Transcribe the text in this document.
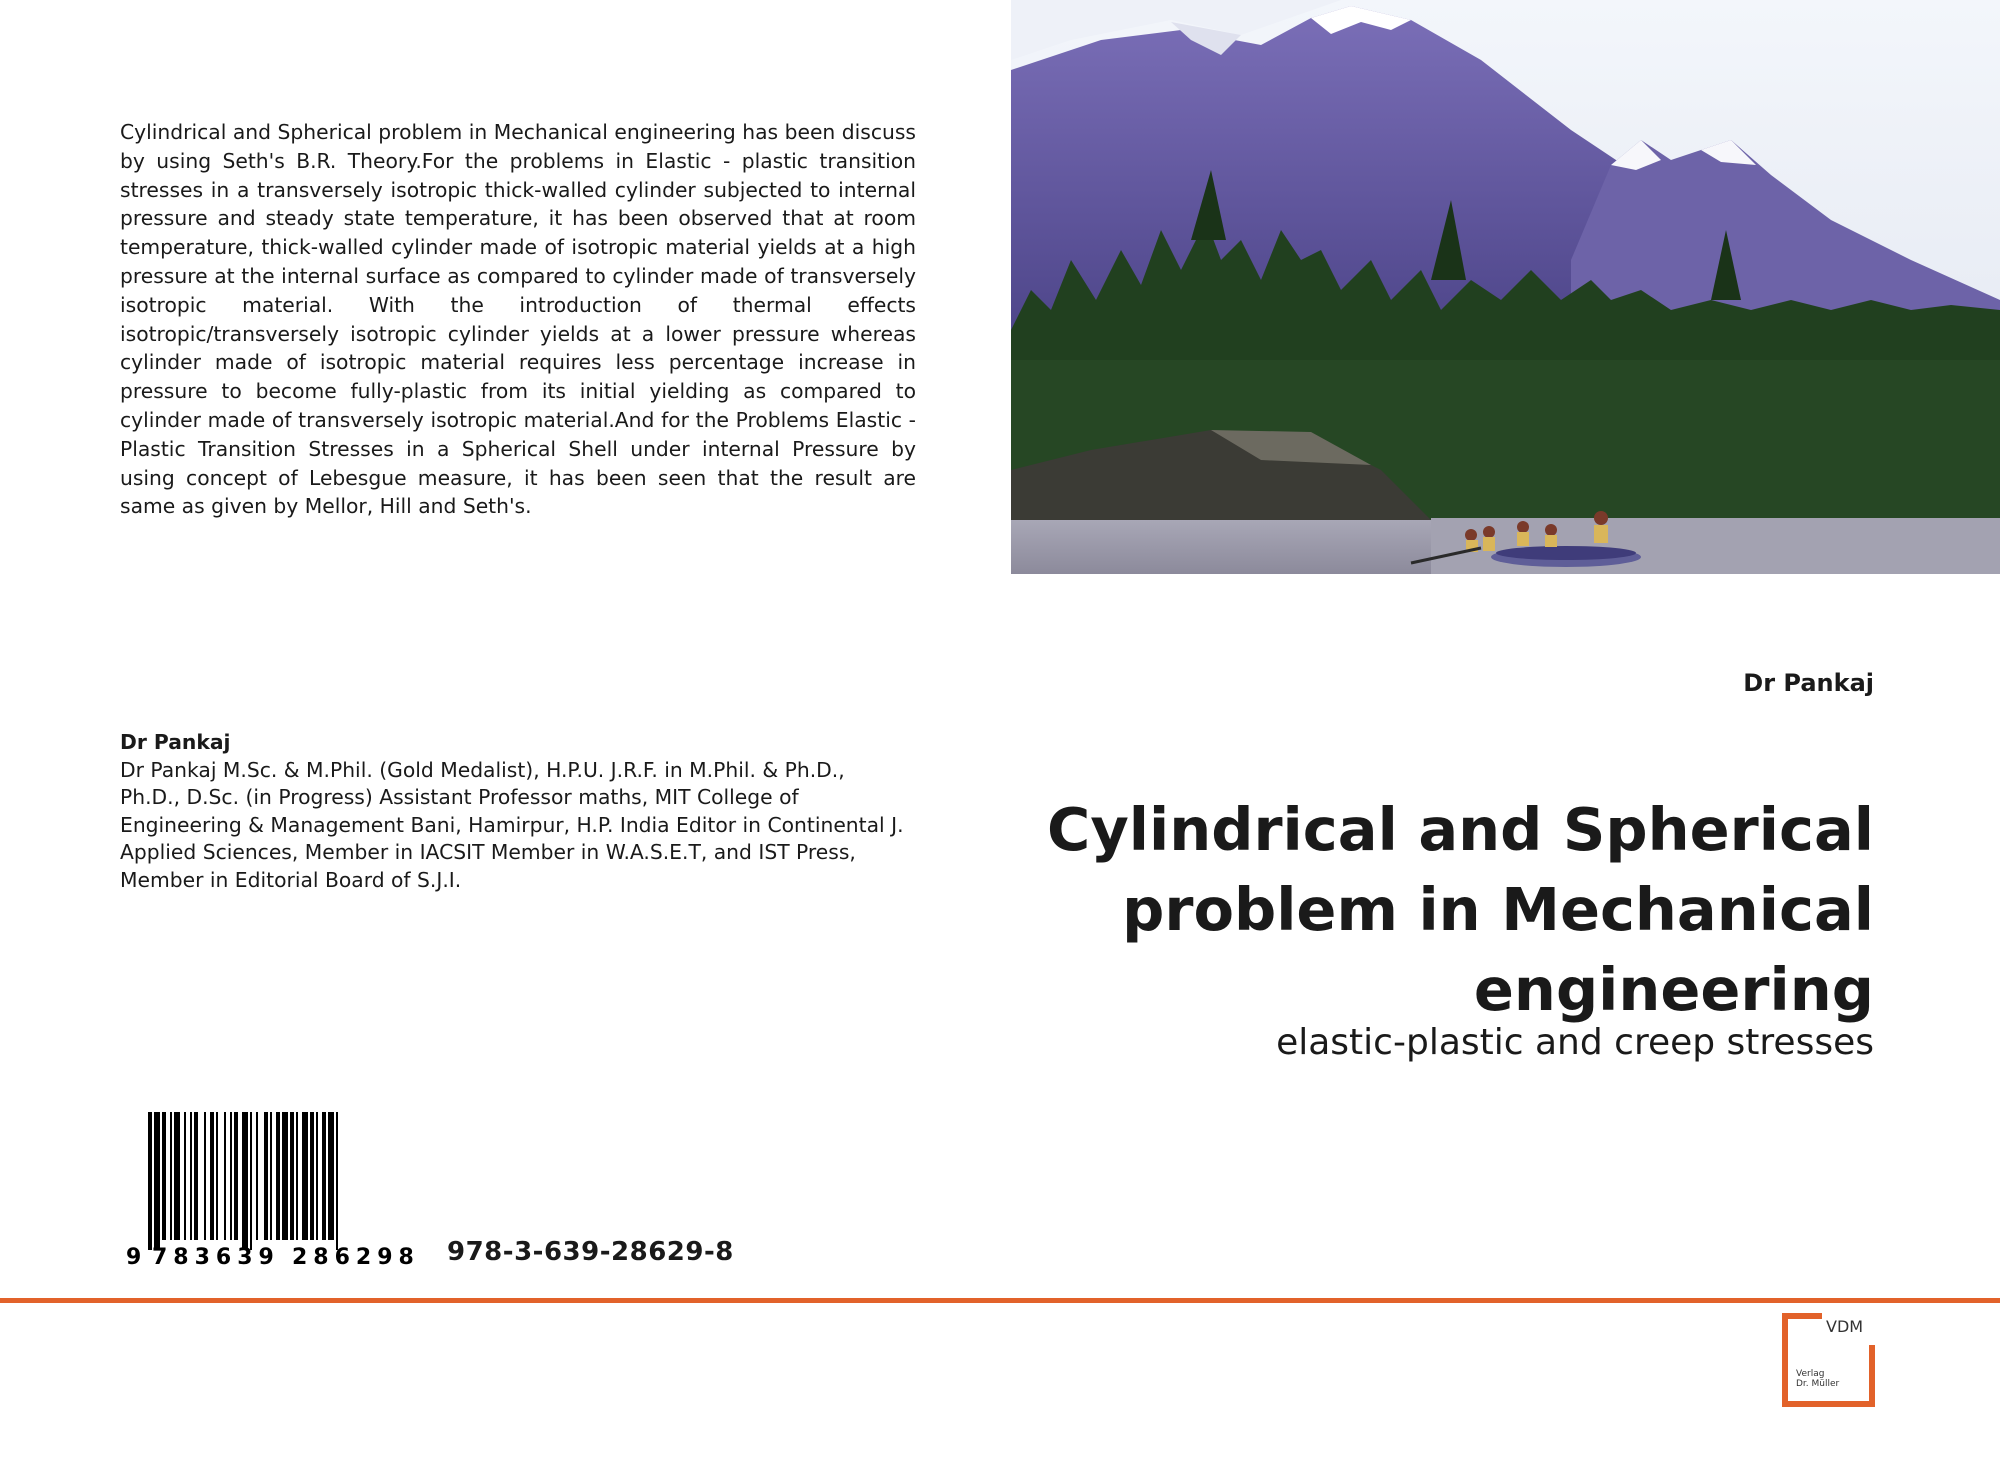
Cylindrical and Spherical problem in Mechanical engineering has been discuss by using Seth's B.R. Theory.For the problems in Elastic - plastic transition stresses in a transversely isotropic thick-walled cylinder subjected to internal pressure and steady state temperature, it has been observed that at room temperature, thick-walled cylinder made of isotropic material yields at a high pressure at the internal surface as compared to cylinder made of transversely isotropic material. With the introduction of thermal effects isotropic/transversely isotropic cylinder yields at a lower pressure whereas cylinder made of isotropic material requires less percentage increase in pressure to become fully-plastic from its initial yielding as compared to cylinder made of transversely isotropic material.And for the Problems Elastic - Plastic Transition Stresses in a Spherical Shell under internal Pressure by using concept of Lebesgue measure, it has been seen that the result are same as given by Mellor, Hill and Seth's.

Dr Pankaj
Dr Pankaj M.Sc. & M.Phil. (Gold Medalist), H.P.U. J.R.F. in M.Phil. & Ph.D.,
Ph.D., D.Sc. (in Progress) Assistant Professor maths, MIT College of
Engineering & Management Bani, Hamirpur, H.P. India Editor in Continental J.
Applied Sciences, Member in IACSIT Member in W.A.S.E.T, and IST Press,
Member in Editorial Board of S.J.I.
9 783639 286298 978-3-639-28629-8
Dr Pankaj
Cylindrical and Spherical
problem in Mechanical
engineering
elastic-plastic and creep stresses
VDM
Verlag
Dr. Müller
